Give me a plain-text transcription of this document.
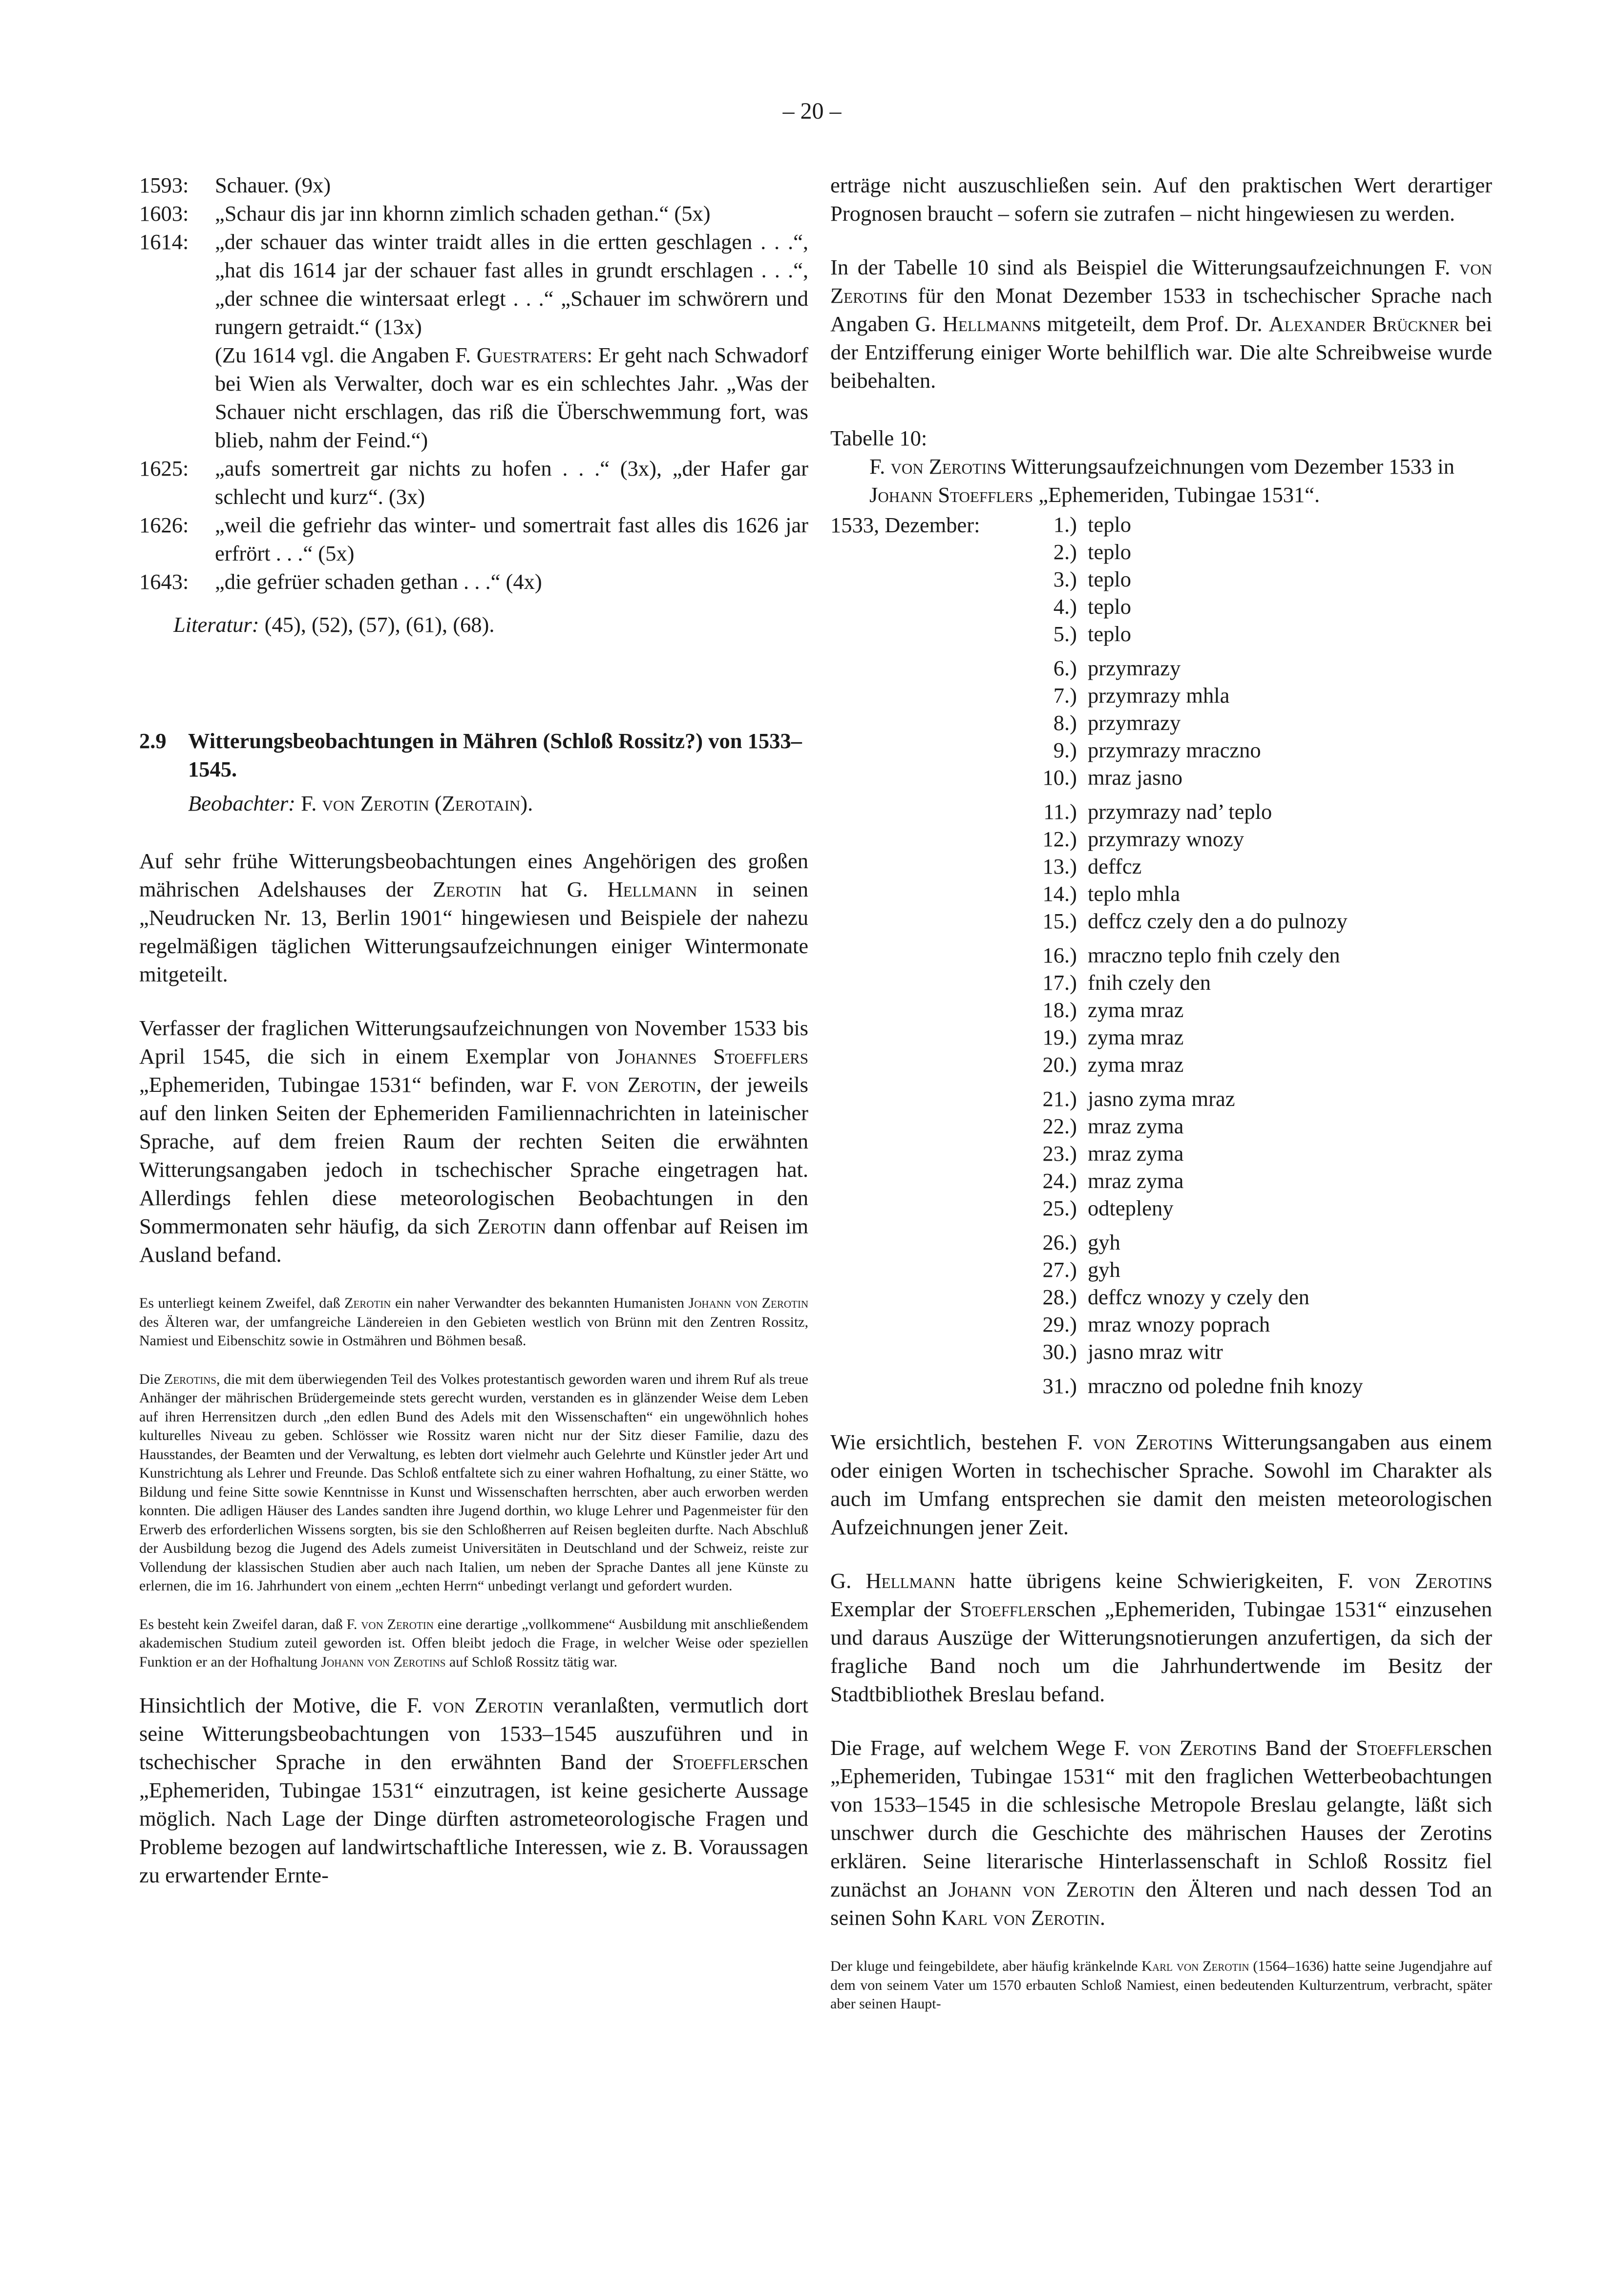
– 20 –
1593:	Schauer. (9x)
1603:	„Schaur dis jar inn khornn zimlich schaden gethan.“ (5x)
1614:	„der schauer das winter traidt alles in die ertten geschlagen . . .“, „hat dis 1614 jar der schauer fast alles in grundt erschlagen . . .“, „der schnee die wintersaat erlegt . . .“ „Schauer im schwörern und rungern getraidt.“ (13x)
(Zu 1614 vgl. die Angaben F. Guestraters: Er geht nach Schwadorf bei Wien als Verwalter, doch war es ein schlechtes Jahr. „Was der Schauer nicht erschlagen, das riß die Überschwemmung fort, was blieb, nahm der Feind.“)
1625:	„aufs somertreit gar nichts zu hofen . . .“ (3x), „der Hafer gar schlecht und kurz“. (3x)
1626:	„weil die gefriehr das winter- und somertrait fast alles dis 1626 jar erfrört . . .“ (5x)
1643:	„die gefrüer schaden gethan . . .“ (4x)
Literatur: (45), (52), (57), (61), (68).
2.9 Witterungsbeobachtungen in Mähren (Schloß Rossitz?) von 1533–1545.
Beobachter: F. von Zerotin (Zerotain).

Auf sehr frühe Witterungsbeobachtungen eines Angehörigen des großen mährischen Adelshauses der Zerotin hat G. Hellmann in seinen „Neudrucken Nr. 13, Berlin 1901“ hingewiesen und Beispiele der nahezu regelmäßigen täglichen Witterungsaufzeichnungen einiger Wintermonate mitgeteilt.

Verfasser der fraglichen Witterungsaufzeichnungen von November 1533 bis April 1545, die sich in einem Exemplar von Johannes Stoefflers „Ephemeriden, Tubingae 1531“ befinden, war F. von Zerotin, der jeweils auf den linken Seiten der Ephemeriden Familiennachrichten in lateinischer Sprache, auf dem freien Raum der rechten Seiten die erwähnten Witterungsangaben jedoch in tschechischer Sprache eingetragen hat. Allerdings fehlen diese meteorologischen Beobachtungen in den Sommermonaten sehr häufig, da sich Zerotin dann offenbar auf Reisen im Ausland befand.

Es unterliegt keinem Zweifel, daß Zerotin ein naher Verwandter des bekannten Humanisten Johann von Zerotin des Älteren war, der umfangreiche Ländereien in den Gebieten westlich von Brünn mit den Zentren Rossitz, Namiest und Eibenschitz sowie in Ostmähren und Böhmen besaß.

Die Zerotins, die mit dem überwiegenden Teil des Volkes protestantisch geworden waren und ihrem Ruf als treue Anhänger der mährischen Brüdergemeinde stets gerecht wurden, verstanden es in glänzender Weise dem Leben auf ihren Herrensitzen durch „den edlen Bund des Adels mit den Wissenschaften“ ein ungewöhnlich hohes kulturelles Niveau zu geben. Schlösser wie Rossitz waren nicht nur der Sitz dieser Familie, dazu des Hausstandes, der Beamten und der Verwaltung, es lebten dort vielmehr auch Gelehrte und Künstler jeder Art und Kunstrichtung als Lehrer und Freunde. Das Schloß entfaltete sich zu einer wahren Hofhaltung, zu einer Stätte, wo Bildung und feine Sitte sowie Kenntnisse in Kunst und Wissenschaften herrschten, aber auch erworben werden konnten. Die adligen Häuser des Landes sandten ihre Jugend dorthin, wo kluge Lehrer und Pagenmeister für den Erwerb des erforderlichen Wissens sorgten, bis sie den Schloßherren auf Reisen begleiten durfte. Nach Abschluß der Ausbildung bezog die Jugend des Adels zumeist Universitäten in Deutschland und der Schweiz, reiste zur Vollendung der klassischen Studien aber auch nach Italien, um neben der Sprache Dantes all jene Künste zu erlernen, die im 16. Jahrhundert von einem „echten Herrn“ unbedingt verlangt und gefordert wurden.

Es besteht kein Zweifel daran, daß F. von Zerotin eine derartige „vollkommene“ Ausbildung mit anschließendem akademischen Studium zuteil geworden ist. Offen bleibt jedoch die Frage, in welcher Weise oder speziellen Funktion er an der Hofhaltung Johann von Zerotins auf Schloß Rossitz tätig war.

Hinsichtlich der Motive, die F. von Zerotin veranlaßten, vermutlich dort seine Witterungsbeobachtungen von 1533–1545 auszuführen und in tschechischer Sprache in den erwähnten Band der Stoefflerschen „Ephemeriden, Tubingae 1531“ einzutragen, ist keine gesicherte Aussage möglich. Nach Lage der Dinge dürften astrometeorologische Fragen und Probleme bezogen auf landwirtschaftliche Interessen, wie z. B. Voraussagen zu erwartender Ernte-

erträge nicht auszuschließen sein. Auf den praktischen Wert derartiger Prognosen braucht – sofern sie zutrafen – nicht hingewiesen zu werden.

In der Tabelle 10 sind als Beispiel die Witterungsaufzeichnungen F. von Zerotins für den Monat Dezember 1533 in tschechischer Sprache nach Angaben G. Hellmanns mitgeteilt, dem Prof. Dr. Alexander Brückner bei der Entzifferung einiger Worte behilflich war. Die alte Schreibweise wurde beibehalten.

Tabelle 10:
F. von Zerotins Witterungsaufzeichnungen vom Dezember 1533 in Johann Stoefflers „Ephemeriden, Tubingae 1531“.
1533, Dezember:	1.) teplo
2.) teplo
3.) teplo
4.) teplo
5.) teplo
6.) przymrazy
7.) przymrazy mhla
8.) przymrazy
9.) przymrazy mraczno
10.) mraz jasno
11.) przymrazy nad’ teplo
12.) przymrazy wnozy
13.) deffcz
14.) teplo mhla
15.) deffcz czely den a do pulnozy
16.) mraczno teplo fnih czely den
17.) fnih czely den
18.) zyma mraz
19.) zyma mraz
20.) zyma mraz
21.) jasno zyma mraz
22.) mraz zyma
23.) mraz zyma
24.) mraz zyma
25.) odtepleny
26.) gyh
27.) gyh
28.) deffcz wnozy y czely den
29.) mraz wnozy poprach
30.) jasno mraz witr
31.) mraczno od poledne fnih knozy

Wie ersichtlich, bestehen F. von Zerotins Witterungsangaben aus einem oder einigen Worten in tschechischer Sprache. Sowohl im Charakter als auch im Umfang entsprechen sie damit den meisten meteorologischen Aufzeichnungen jener Zeit.

G. Hellmann hatte übrigens keine Schwierigkeiten, F. von Zerotins Exemplar der Stoefflerschen „Ephemeriden, Tubingae 1531“ einzusehen und daraus Auszüge der Witterungsnotierungen anzufertigen, da sich der fragliche Band noch um die Jahrhundertwende im Besitz der Stadtbibliothek Breslau befand.

Die Frage, auf welchem Wege F. von Zerotins Band der Stoefflerschen „Ephemeriden, Tubingae 1531“ mit den fraglichen Wetterbeobachtungen von 1533–1545 in die schlesische Metropole Breslau gelangte, läßt sich unschwer durch die Geschichte des mährischen Hauses der Zerotins erklären. Seine literarische Hinterlassenschaft in Schloß Rossitz fiel zunächst an Johann von Zerotin den Älteren und nach dessen Tod an seinen Sohn Karl von Zerotin.

Der kluge und feingebildete, aber häufig kränkelnde Karl von Zerotin (1564–1636) hatte seine Jugendjahre auf dem von seinem Vater um 1570 erbauten Schloß Namiest, einen bedeutenden Kulturzentrum, verbracht, später aber seinen Haupt-
